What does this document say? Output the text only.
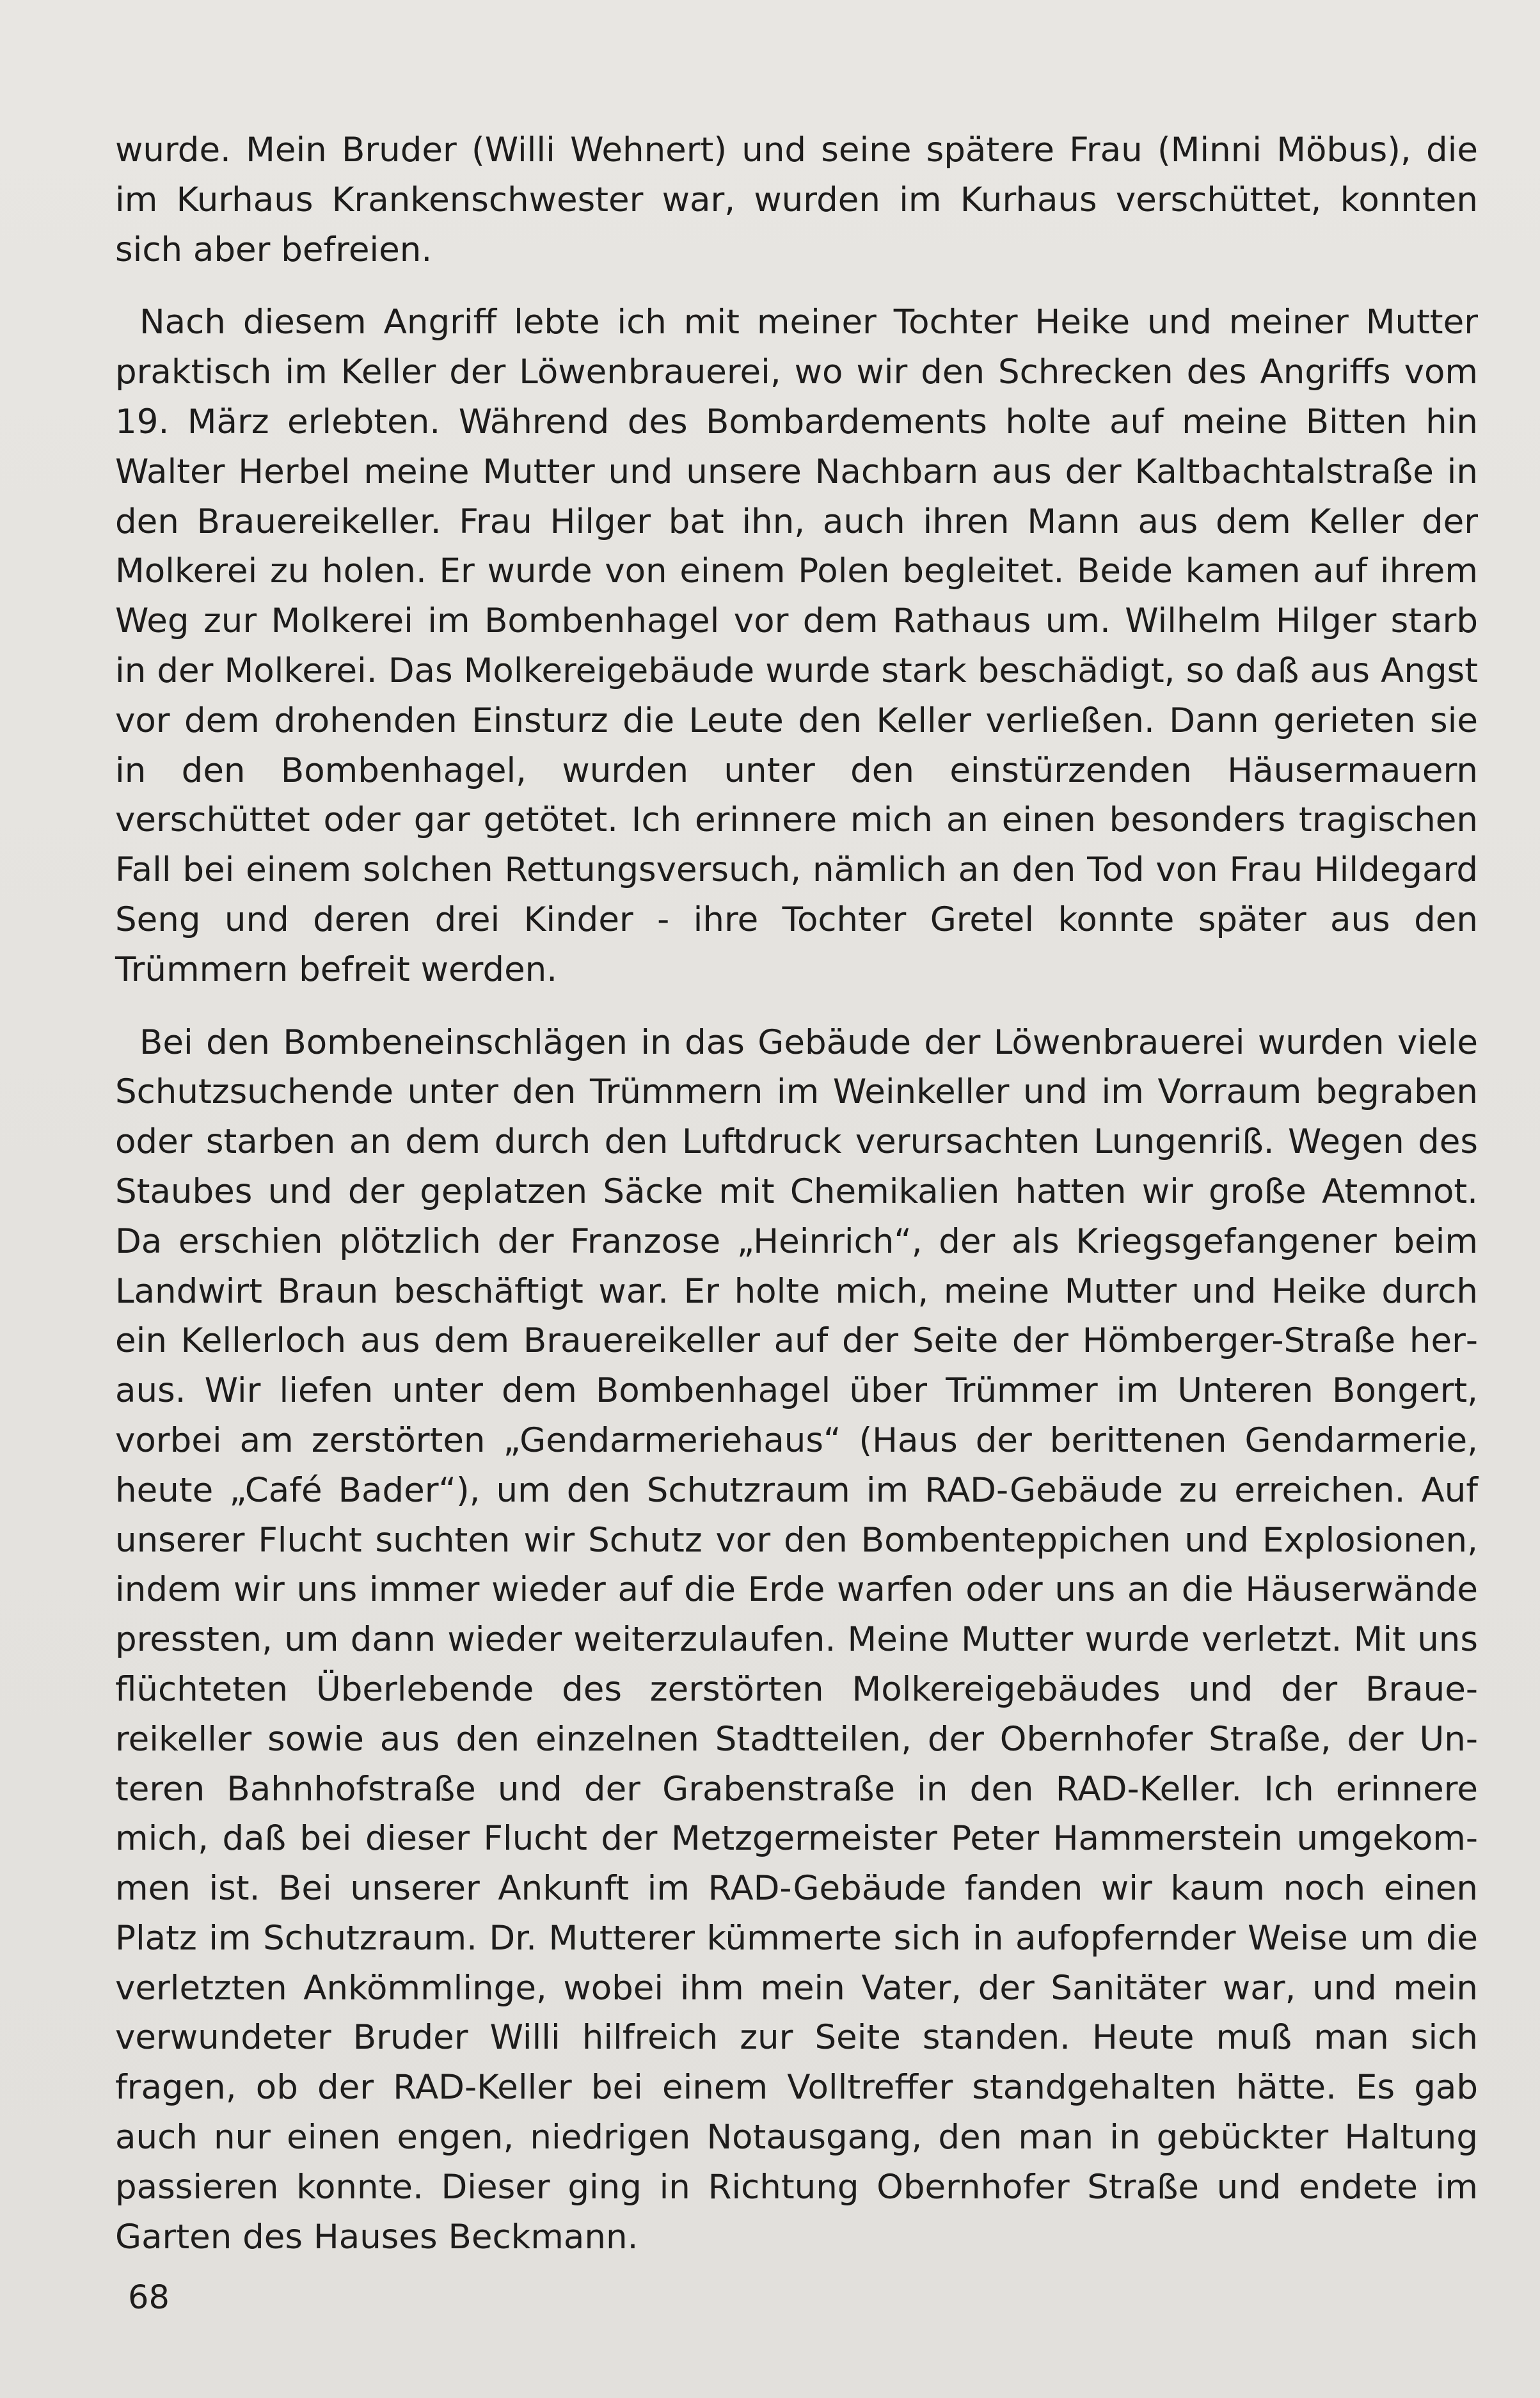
wurde. Mein Bruder (Willi Wehnert) und seine spätere Frau (Minni Möbus), die im Kurhaus Krankenschwester war, wurden im Kurhaus verschüttet, konnten sich aber befreien.

Nach diesem Angriff lebte ich mit meiner Tochter Heike und meiner Mutter praktisch im Keller der Löwenbrauerei, wo wir den Schrecken des Angriffs vom 19. März erlebten. Während des Bombardements holte auf meine Bitten hin Walter Herbel meine Mutter und unsere Nachbarn aus der Kaltbachtalstraße in den Brauereikeller. Frau Hilger bat ihn, auch ihren Mann aus dem Keller der Molkerei zu holen. Er wurde von einem Polen begleitet. Beide kamen auf ihrem Weg zur Molkerei im Bombenhagel vor dem Rathaus um. Wilhelm Hilger starb in der Molkerei. Das Molkereigebäude wurde stark beschädigt, so daß aus Angst vor dem drohenden Einsturz die Leute den Keller verließen. Dann gerieten sie in den Bombenhagel, wurden unter den einstürzenden Häusermauern verschüttet oder gar getötet. Ich erinnere mich an einen besonders tragischen Fall bei einem solchen Rettungsversuch, nämlich an den Tod von Frau Hildegard Seng und deren drei Kinder - ihre Tochter Gretel konnte später aus den Trümmern befreit werden.

Bei den Bombeneinschlägen in das Gebäude der Löwenbrauerei wurden viele Schutzsuchende unter den Trümmern im Weinkeller und im Vorraum begraben oder starben an dem durch den Luftdruck verursachten Lungenriß. Wegen des Staubes und der geplatzen Säcke mit Chemikalien hatten wir große Atemnot. Da erschien plötzlich der Franzose „Heinrich“, der als Kriegsgefangener beim Landwirt Braun beschäftigt war. Er holte mich, meine Mutter und Heike durch ein Kellerloch aus dem Brauereikeller auf der Seite der Hömberger-Straße heraus. Wir liefen unter dem Bombenhagel über Trümmer im Unteren Bongert, vorbei am zerstörten „Gendarmeriehaus“ (Haus der berittenen Gendarmerie, heute „Café Bader“), um den Schutzraum im RAD-Gebäude zu erreichen. Auf unserer Flucht suchten wir Schutz vor den Bombenteppichen und Explosionen, indem wir uns immer wieder auf die Erde warfen oder uns an die Häuserwände pressten, um dann wieder weiterzulaufen. Meine Mutter wurde verletzt. Mit uns flüchteten Überlebende des zerstörten Molkereigebäudes und der Brauereikeller sowie aus den einzelnen Stadtteilen, der Obernhofer Straße, der Unteren Bahnhofstraße und der Grabenstraße in den RAD-Keller. Ich erinnere mich, daß bei dieser Flucht der Metzgermeister Peter Hammerstein umgekommen ist. Bei unserer Ankunft im RAD-Gebäude fanden wir kaum noch einen Platz im Schutzraum. Dr. Mutterer kümmerte sich in aufopfernder Weise um die verletzten Ankömmlinge, wobei ihm mein Vater, der Sanitäter war, und mein verwundeter Bruder Willi hilfreich zur Seite standen. Heute muß man sich fragen, ob der RAD-Keller bei einem Volltreffer standgehalten hätte. Es gab auch nur einen engen, niedrigen Notausgang, den man in gebückter Haltung passieren konnte. Dieser ging in Richtung Obernhofer Straße und endete im Garten des Hauses Beckmann.

68
